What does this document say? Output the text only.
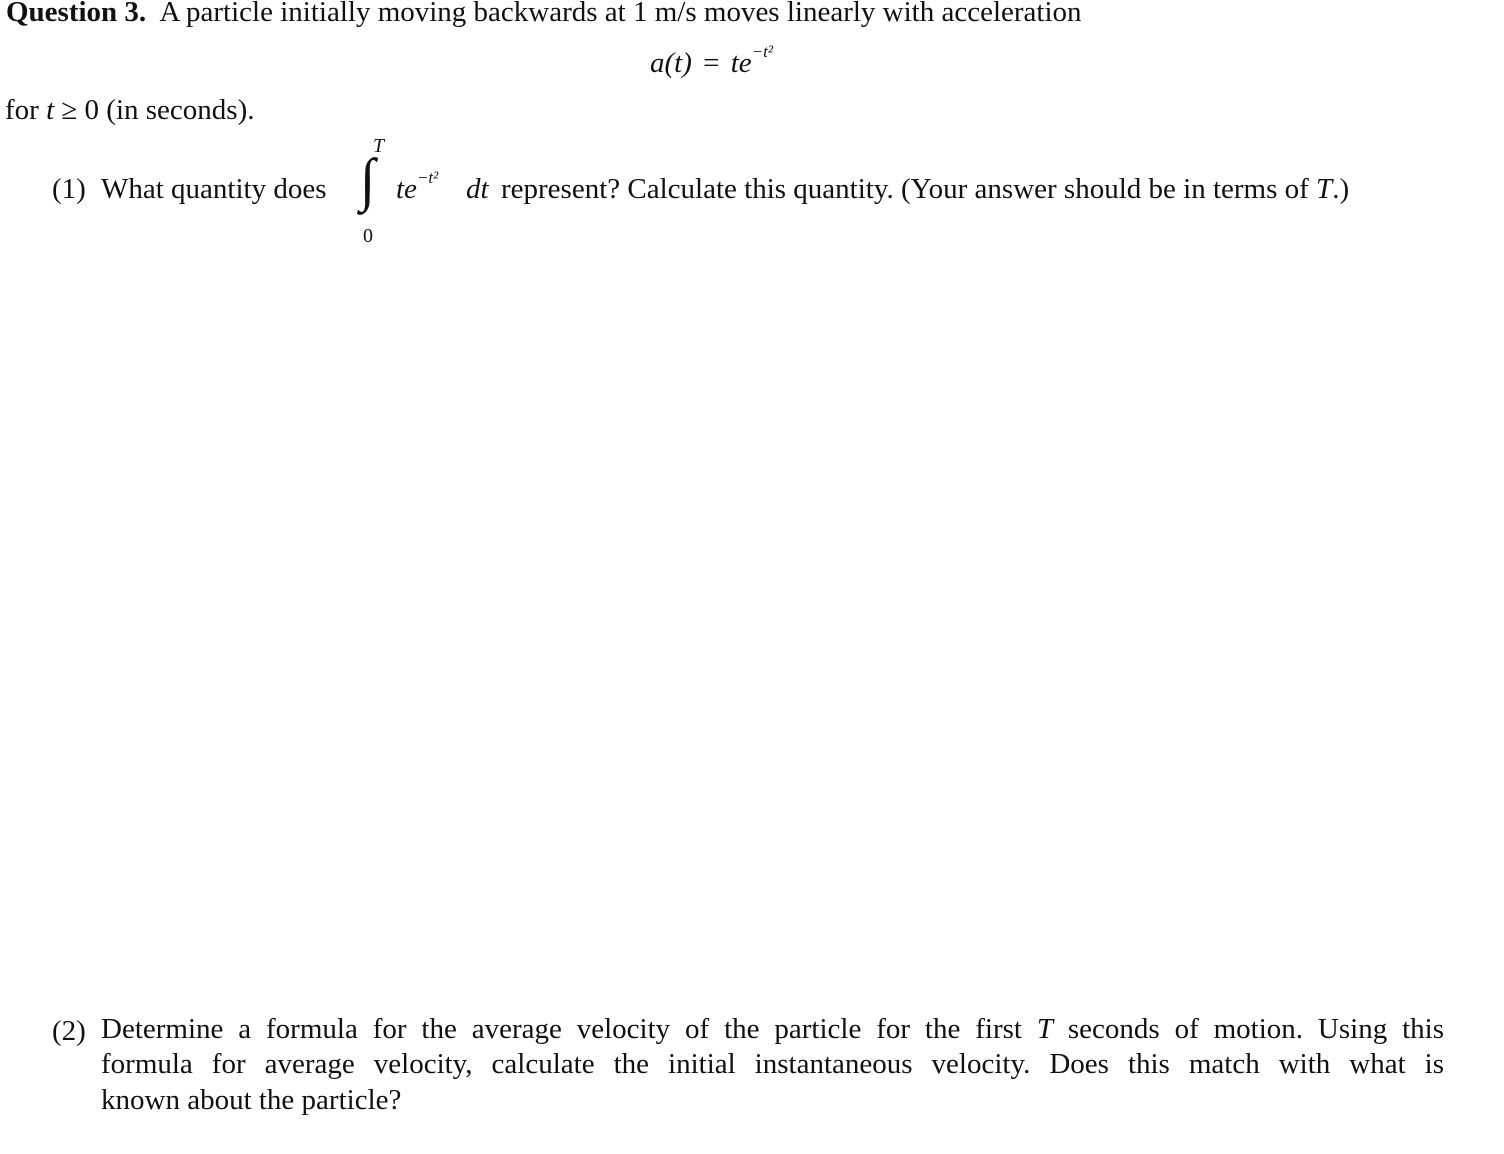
Question 3. A particle initially moving backwards at 1 m/s moves linearly with acceleration
$a(t) = te^{-t^2}$
for t ≥ 0 (in seconds).
(1) What quantity does
T
∫
0
$te^{-t^2}$ dt represent? Calculate this quantity. (Your answer should be in terms of T.)
(2) Determine a formula for the average velocity of the particle for the first T seconds of motion. Using this
formula for average velocity, calculate the initial instantaneous velocity. Does this match with what is
known about the particle?
